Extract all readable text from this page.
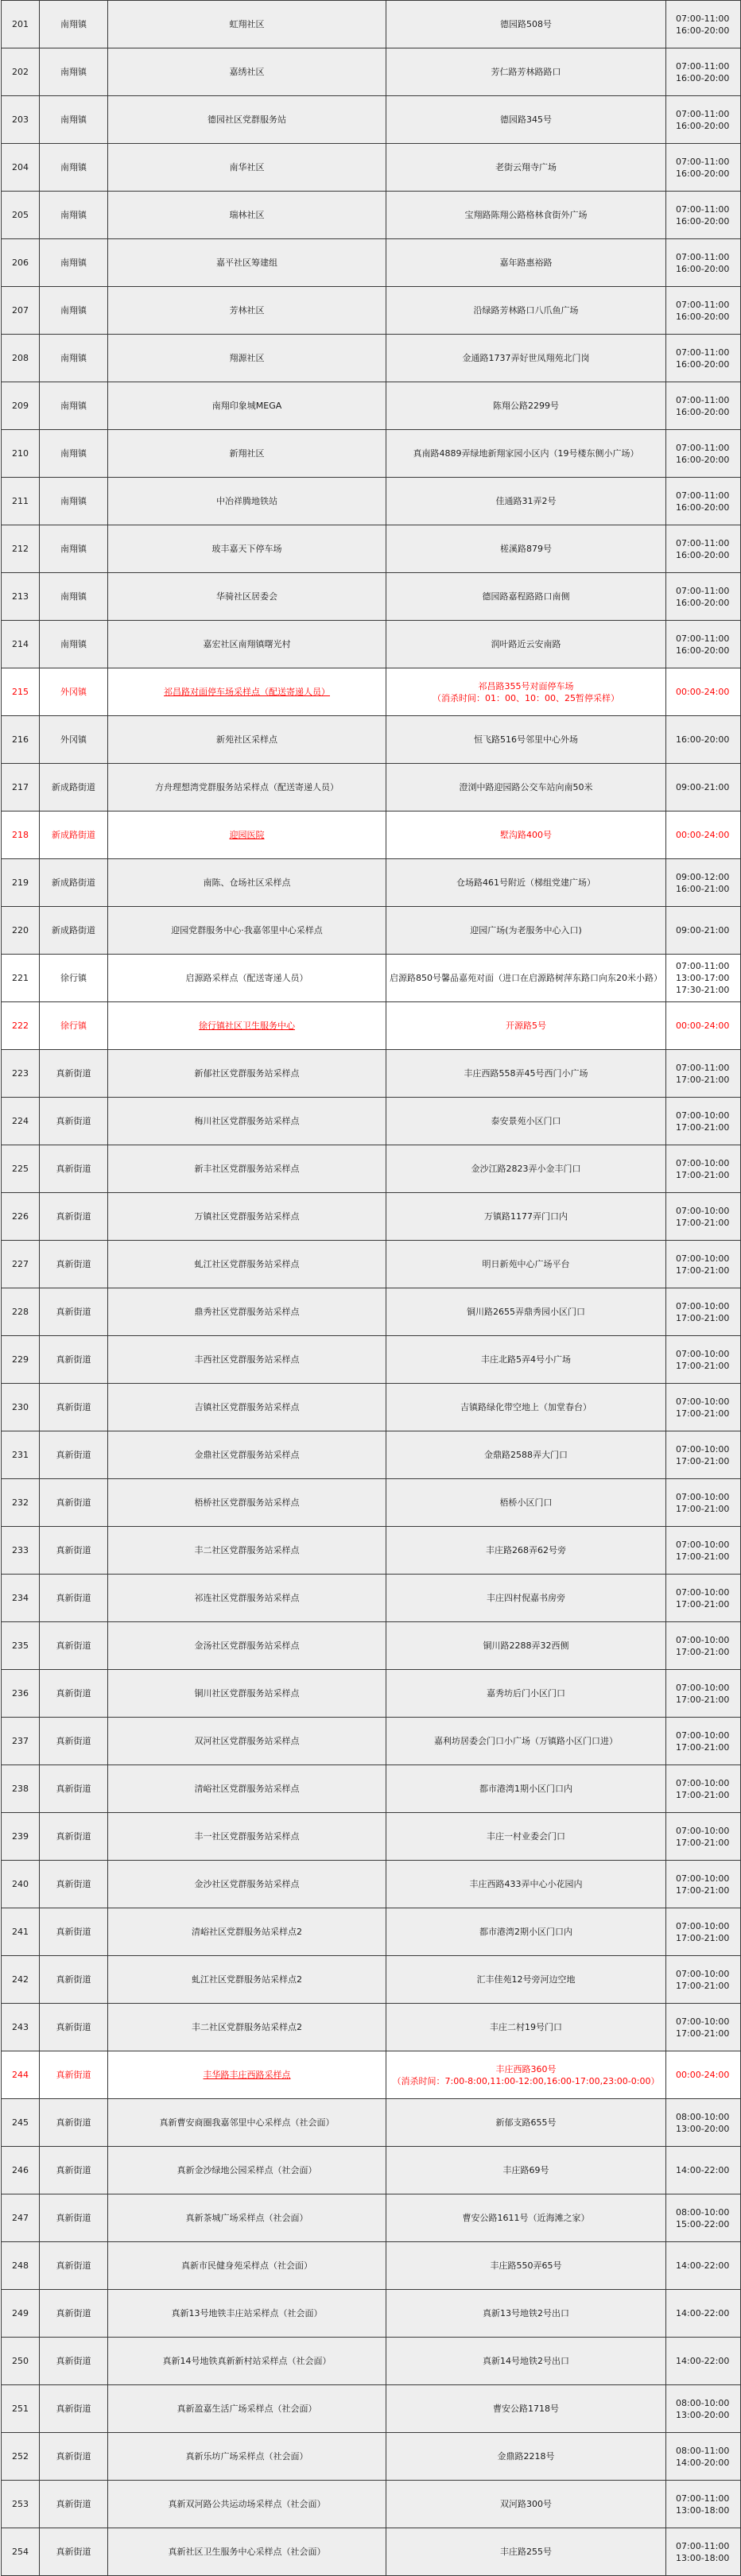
201	南翔镇	虹翔社区	德园路508号	07:00-11:00
16:00-20:00
202	南翔镇	嘉绣社区	芳仁路芳林路路口	07:00-11:00
16:00-20:00
203	南翔镇	德园社区党群服务站	德园路345号	07:00-11:00
16:00-20:00
204	南翔镇	南华社区	老街云翔寺广场	07:00-11:00
16:00-20:00
205	南翔镇	瑞林社区	宝翔路陈翔公路格林食街外广场	07:00-11:00
16:00-20:00
206	南翔镇	嘉平社区筹建组	嘉年路惠裕路	07:00-11:00
16:00-20:00
207	南翔镇	芳林社区	沿绿路芳林路口八爪鱼广场	07:00-11:00
16:00-20:00
208	南翔镇	翔源社区	金通路1737弄好世凤翔苑北门岗	07:00-11:00
16:00-20:00
209	南翔镇	南翔印象城MEGA	陈翔公路2299号	07:00-11:00
16:00-20:00
210	南翔镇	新翔社区	真南路4889弄绿地新翔家园小区内（19号楼东侧小广场）	07:00-11:00
16:00-20:00
211	南翔镇	中冶祥腾地铁站	佳通路31弄2号	07:00-11:00
16:00-20:00
212	南翔镇	玻丰嘉天下停车场	槎溪路879号	07:00-11:00
16:00-20:00
213	南翔镇	华骑社区居委会	德园路嘉程路路口南侧	07:00-11:00
16:00-20:00
214	南翔镇	嘉宏社区南翔镇曙光村	润叶路近云安南路	07:00-11:00
16:00-20:00
215	外冈镇	祁昌路对面停车场采样点（配送寄递人员）	祁昌路355号对面停车场
（消杀时间：01：00、10：00、25暂停采样）	00:00-24:00
216	外冈镇	新苑社区采样点	恒飞路516号邻里中心外场	16:00-20:00
217	新成路街道	方舟理想湾党群服务站采样点（配送寄递人员）	澄浏中路迎园路公交车站向南50米	09:00-21:00
218	新成路街道	迎园医院	墅沟路400号	00:00-24:00
219	新成路街道	南陈、仓场社区采样点	仓场路461号附近（梯组党建广场）	09:00-12:00
16:00-21:00
220	新成路街道	迎园党群服务中心·我嘉邻里中心采样点	迎园广场(为老服务中心入口)	09:00-21:00
221	徐行镇	启源路采样点（配送寄递人员）	启源路850号馨品嘉苑对面（进口在启源路树萍东路口向东20米小路）	07:00-11:00
13:00-17:00
17:30-21:00
222	徐行镇	徐行镇社区卫生服务中心	开源路5号	00:00-24:00
223	真新街道	新郁社区党群服务站采样点	丰庄西路558弄45号西门小广场	07:00-11:00
17:00-21:00
224	真新街道	梅川社区党群服务站采样点	泰安景苑小区门口	07:00-10:00
17:00-21:00
225	真新街道	新丰社区党群服务站采样点	金沙江路2823弄小金丰门口	07:00-10:00
17:00-21:00
226	真新街道	万镇社区党群服务站采样点	万镇路1177弄门口内	07:00-10:00
17:00-21:00
227	真新街道	虬江社区党群服务站采样点	明日新苑中心广场平台	07:00-10:00
17:00-21:00
228	真新街道	鼎秀社区党群服务站采样点	铜川路2655弄鼎秀园小区门口	07:00-10:00
17:00-21:00
229	真新街道	丰西社区党群服务站采样点	丰庄北路5弄4号小广场	07:00-10:00
17:00-21:00
230	真新街道	吉镇社区党群服务站采样点	吉镇路绿化带空地上（加堂春台）	07:00-10:00
17:00-21:00
231	真新街道	金鼎社区党群服务站采样点	金鼎路2588弄大门口	07:00-10:00
17:00-21:00
232	真新街道	梧桥社区党群服务站采样点	梧桥小区门口	07:00-10:00
17:00-21:00
233	真新街道	丰二社区党群服务站采样点	丰庄路268弄62号旁	07:00-10:00
17:00-21:00
234	真新街道	祁连社区党群服务站采样点	丰庄四村倪嘉书房旁	07:00-10:00
17:00-21:00
235	真新街道	金汤社区党群服务站采样点	铜川路2288弄32西侧	07:00-10:00
17:00-21:00
236	真新街道	铜川社区党群服务站采样点	嘉秀坊后门小区门口	07:00-10:00
17:00-21:00
237	真新街道	双河社区党群服务站采样点	嘉利坊居委会门口小广场（万镇路小区门口进）	07:00-10:00
17:00-21:00
238	真新街道	清峪社区党群服务站采样点	都市港湾1期小区门口内	07:00-10:00
17:00-21:00
239	真新街道	丰一社区党群服务站采样点	丰庄一村业委会门口	07:00-10:00
17:00-21:00
240	真新街道	金沙社区党群服务站采样点	丰庄西路433弄中心小花园内	07:00-10:00
17:00-21:00
241	真新街道	清峪社区党群服务站采样点2	都市港湾2期小区门口内	07:00-10:00
17:00-21:00
242	真新街道	虬江社区党群服务站采样点2	汇丰佳苑12号旁河边空地	07:00-10:00
17:00-21:00
243	真新街道	丰二社区党群服务站采样点2	丰庄二村19号门口	07:00-10:00
17:00-21:00
244	真新街道	丰华路丰庄西路采样点	丰庄西路360号
（消杀时间：7:00-8:00,11:00-12:00,16:00-17:00,23:00-0:00）	00:00-24:00
245	真新街道	真新曹安商圈我嘉邻里中心采样点（社会面）	新郁支路655号	08:00-10:00
13:00-20:00
246	真新街道	真新金沙绿地公园采样点（社会面）	丰庄路69号	14:00-22:00
247	真新街道	真新茶城广场采样点（社会面）	曹安公路1611号（近海滩之家）	08:00-10:00
15:00-22:00
248	真新街道	真新市民健身苑采样点（社会面）	丰庄路550弄65号	14:00-22:00
249	真新街道	真新13号地铁丰庄站采样点（社会面）	真新13号地铁2号出口	14:00-22:00
250	真新街道	真新14号地铁真新新村站采样点（社会面）	真新14号地铁2号出口	14:00-22:00
251	真新街道	真新盈嘉生活广场采样点（社会面）	曹安公路1718号	08:00-10:00
13:00-20:00
252	真新街道	真新乐坊广场采样点（社会面）	金鼎路2218号	08:00-11:00
14:00-20:00
253	真新街道	真新双河路公共运动场采样点（社会面）	双河路300号	07:00-11:00
13:00-18:00
254	真新街道	真新社区卫生服务中心采样点（社会面）	丰庄路255号	07:00-11:00
13:00-18:00
